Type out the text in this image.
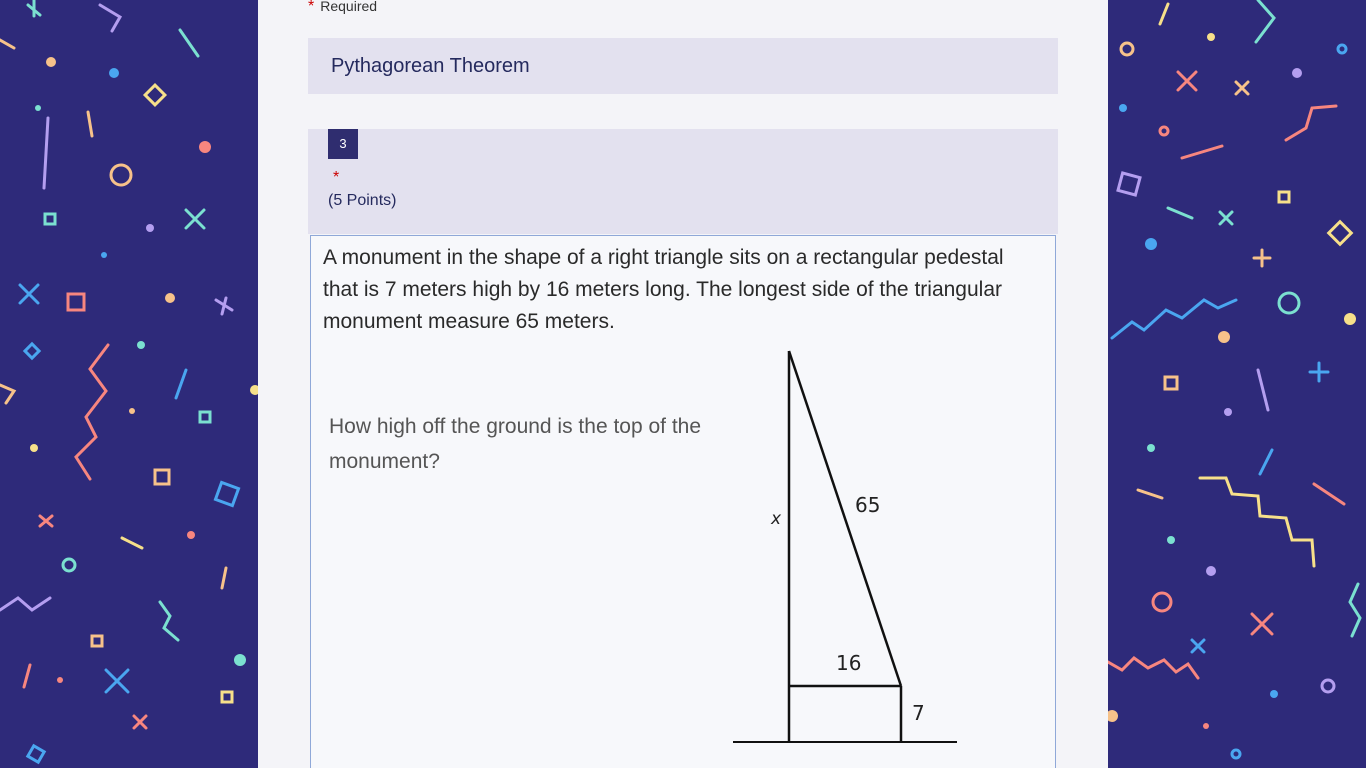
* Required
Pythagorean Theorem
3
*
(5 Points)
A monument in the shape of a right triangle sits on a rectangular pedestal that is 7 meters high by 16 meters long. The longest side of the triangular monument measure 65 meters.
How high off the ground is the top of the monument?
x
65
16
7
